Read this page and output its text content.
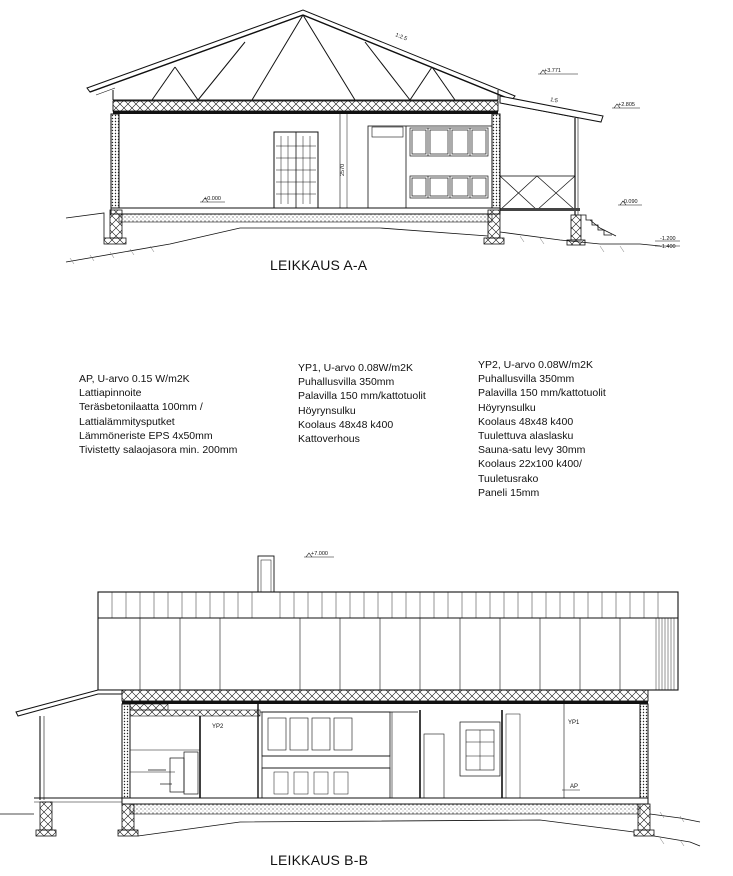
+3.771
+2.805
+0.000	-0.090
-1.200
-1.400
1:2.5
1:5
2570
LEIKKAUS A-A
AP, U-arvo 0.15 W/m2K
Lattiapinnoite
Teräsbetonilaatta 100mm /
Lattialämmitysputket
Lämmöneriste EPS 4x50mm
Tivistetty salaojasora min. 200mm
YP1, U-arvo 0.08W/m2K
Puhallusvilla 350mm
Palavilla 150 mm/kattotuolit
Höyrynsulku
Koolaus 48x48 k400
Kattoverhous
YP2, U-arvo 0.08W/m2K
Puhallusvilla 350mm
Palavilla 150 mm/kattotuolit
Höyrynsulku
Koolaus 48x48 k400
Tuulettuva alaslasku
Sauna-satu levy 30mm
Koolaus 22x100 k400/
Tuuletusrako
Paneli 15mm
+7.000
YP2
YP1
AP
LEIKKAUS B-B
